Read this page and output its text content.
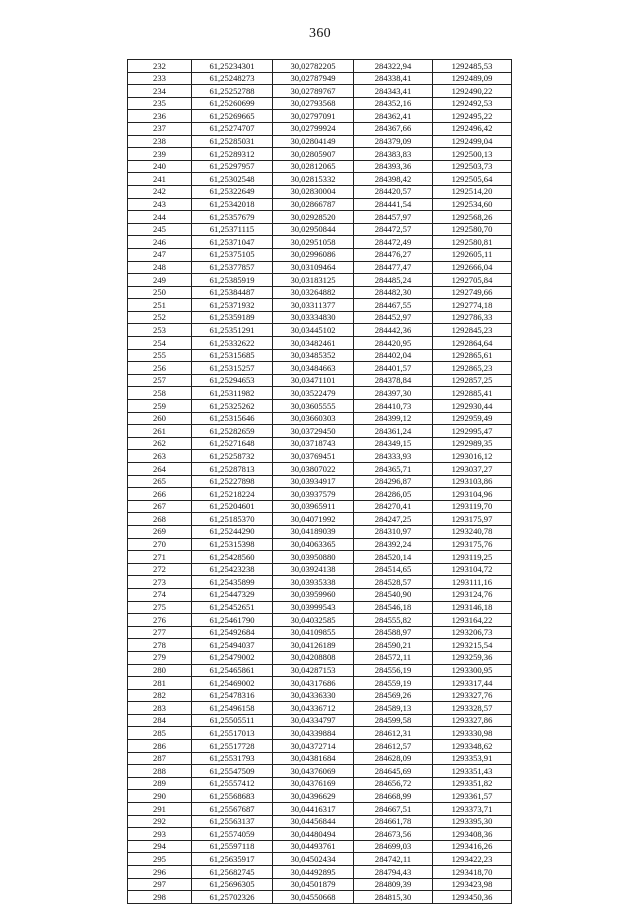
360
232	61,25234301	30,02782205	284322,94	1292485,53
233	61,25248273	30,02787949	284338,41	1292489,09
234	61,25252788	30,02789767	284343,41	1292490,22
235	61,25260699	30,02793568	284352,16	1292492,53
236	61,25269665	30,02797091	284362,41	1292495,22
237	61,25274707	30,02799924	284367,66	1292496,42
238	61,25285031	30,02804149	284379,09	1292499,04
239	61,25289312	30,02805907	284383,83	1292500,13
240	61,25297957	30,02812065	284393,36	1292503,73
241	61,25302548	30,02815332	284398,42	1292505,64
242	61,25322649	30,02830004	284420,57	1292514,20
243	61,25342018	30,02866787	284441,54	1292534,60
244	61,25357679	30,02928520	284457,97	1292568,26
245	61,25371115	30,02950844	284472,57	1292580,70
246	61,25371047	30,02951058	284472,49	1292580,81
247	61,25375105	30,02996086	284476,27	1292605,11
248	61,25377857	30,03109464	284477,47	1292666,04
249	61,25385919	30,03183125	284485,24	1292705,84
250	61,25384487	30,03264882	284482,30	1292749,66
251	61,25371932	30,03311377	284467,55	1292774,18
252	61,25359189	30,03334830	284452,97	1292786,33
253	61,25351291	30,03445102	284442,36	1292845,23
254	61,25332622	30,03482461	284420,95	1292864,64
255	61,25315685	30,03485352	284402,04	1292865,61
256	61,25315257	30,03484663	284401,57	1292865,23
257	61,25294653	30,03471101	284378,84	1292857,25
258	61,25311982	30,03522479	284397,30	1292885,41
259	61,25325262	30,03605555	284410,73	1292930,44
260	61,25315646	30,03660303	284399,12	1292959,49
261	61,25282659	30,03729450	284361,24	1292995,47
262	61,25271648	30,03718743	284349,15	1292989,35
263	61,25258732	30,03769451	284333,93	1293016,12
264	61,25287813	30,03807022	284365,71	1293037,27
265	61,25227898	30,03934917	284296,87	1293103,86
266	61,25218224	30,03937579	284286,05	1293104,96
267	61,25204601	30,03965911	284270,41	1293119,70
268	61,25185370	30,04071992	284247,25	1293175,97
269	61,25244290	30,04189039	284310,97	1293240,78
270	61,25315398	30,04063365	284392,24	1293175,76
271	61,25428560	30,03950880	284520,14	1293119,25
272	61,25423238	30,03924138	284514,65	1293104,72
273	61,25435899	30,03935338	284528,57	1293111,16
274	61,25447329	30,03959960	284540,90	1293124,76
275	61,25452651	30,03999543	284546,18	1293146,18
276	61,25461790	30,04032585	284555,82	1293164,22
277	61,25492684	30,04109855	284588,97	1293206,73
278	61,25494037	30,04126189	284590,21	1293215,54
279	61,25479002	30,04208808	284572,11	1293259,36
280	61,25465861	30,04287153	284556,19	1293300,95
281	61,25469002	30,04317686	284559,19	1293317,44
282	61,25478316	30,04336330	284569,26	1293327,76
283	61,25496158	30,04336712	284589,13	1293328,57
284	61,25505511	30,04334797	284599,58	1293327,86
285	61,25517013	30,04339884	284612,31	1293330,98
286	61,25517728	30,04372714	284612,57	1293348,62
287	61,25531793	30,04381684	284628,09	1293353,91
288	61,25547509	30,04376069	284645,69	1293351,43
289	61,25557412	30,04376169	284656,72	1293351,82
290	61,25568683	30,04396629	284668,99	1293361,57
291	61,25567687	30,04416317	284667,51	1293373,71
292	61,25563137	30,04456844	284661,78	1293395,30
293	61,25574059	30,04480494	284673,56	1293408,36
294	61,25597118	30,04493761	284699,03	1293416,26
295	61,25635917	30,04502434	284742,11	1293422,23
296	61,25682745	30,04492895	284794,43	1293418,70
297	61,25696305	30,04501879	284809,39	1293423,98
298	61,25702326	30,04550668	284815,30	1293450,36
